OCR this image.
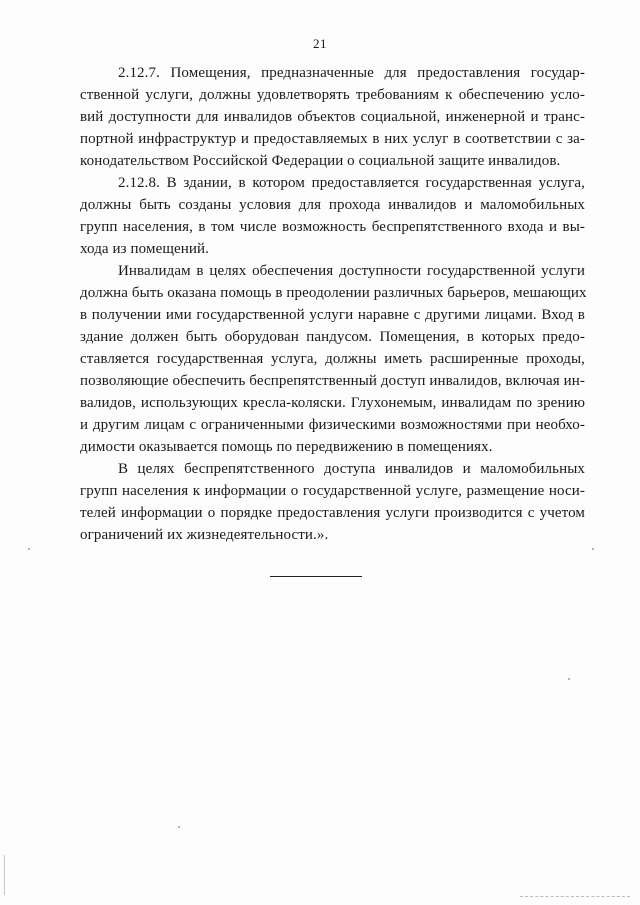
21
2.12.7. Помещения, предназначенные для предоставления государ-
ственной услуги, должны удовлетворять требованиям к обеспечению усло-
вий доступности для инвалидов объектов социальной, инженерной и транс-
портной инфраструктур и предоставляемых в них услуг в соответствии с за-
конодательством Российской Федерации о социальной защите инвалидов.
2.12.8. В здании, в котором предоставляется государственная услуга,
должны быть созданы условия для прохода инвалидов и маломобильных
групп населения, в том числе возможность беспрепятственного входа и вы-
хода из помещений.
Инвалидам в целях обеспечения доступности государственной услуги
должна быть оказана помощь в преодолении различных барьеров, мешающих
в получении ими государственной услуги наравне с другими лицами. Вход в
здание должен быть оборудован пандусом. Помещения, в которых предо-
ставляется государственная услуга, должны иметь расширенные проходы,
позволяющие обеспечить беспрепятственный доступ инвалидов, включая ин-
валидов, использующих кресла-коляски. Глухонемым, инвалидам по зрению
и другим лицам с ограниченными физическими возможностями при необхо-
димости оказывается помощь по передвижению в помещениях.
В целях беспрепятственного доступа инвалидов и маломобильных
групп населения к информации о государственной услуге, размещение носи-
телей информации о порядке предоставления услуги производится с учетом
ограничений их жизнедеятельности.».
